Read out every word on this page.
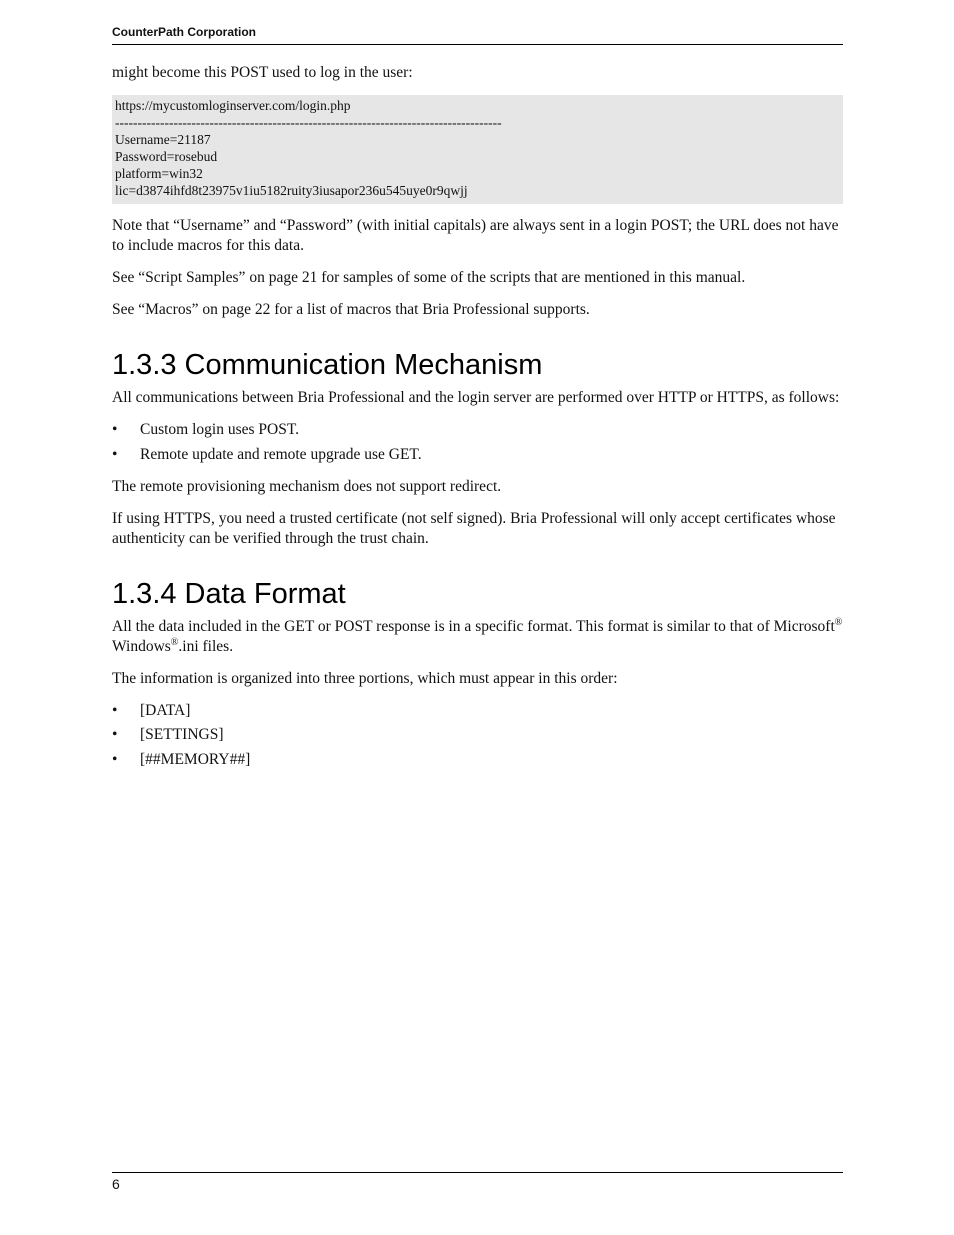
CounterPath Corporation

might become this POST used to log in the user:

https://mycustomloginserver.com/login.php
--------------------------------------------------------------------------------------
Username=21187
Password=rosebud
platform=win32
lic=d3874ihfd8t23975v1iu5182ruity3iusapor236u545uye0r9qwjj

Note that “Username” and “Password” (with initial capitals) are always sent in a login POST; the URL does not have to include macros for this data.

See “Script Samples” on page 21 for samples of some of the scripts that are mentioned in this manual.

See “Macros” on page 22 for a list of macros that Bria Professional supports.

1.3.3 Communication Mechanism

All communications between Bria Professional and the login server are performed over HTTP or HTTPS, as follows:

• Custom login uses POST.
• Remote update and remote upgrade use GET.

The remote provisioning mechanism does not support redirect.

If using HTTPS, you need a trusted certificate (not self signed). Bria Professional will only accept certificates whose authenticity can be verified through the trust chain.

1.3.4 Data Format

All the data included in the GET or POST response is in a specific format. This format is similar to that of Microsoft® Windows®.ini files.

The information is organized into three portions, which must appear in this order:

• [DATA]
• [SETTINGS]
• [##MEMORY##]
6
